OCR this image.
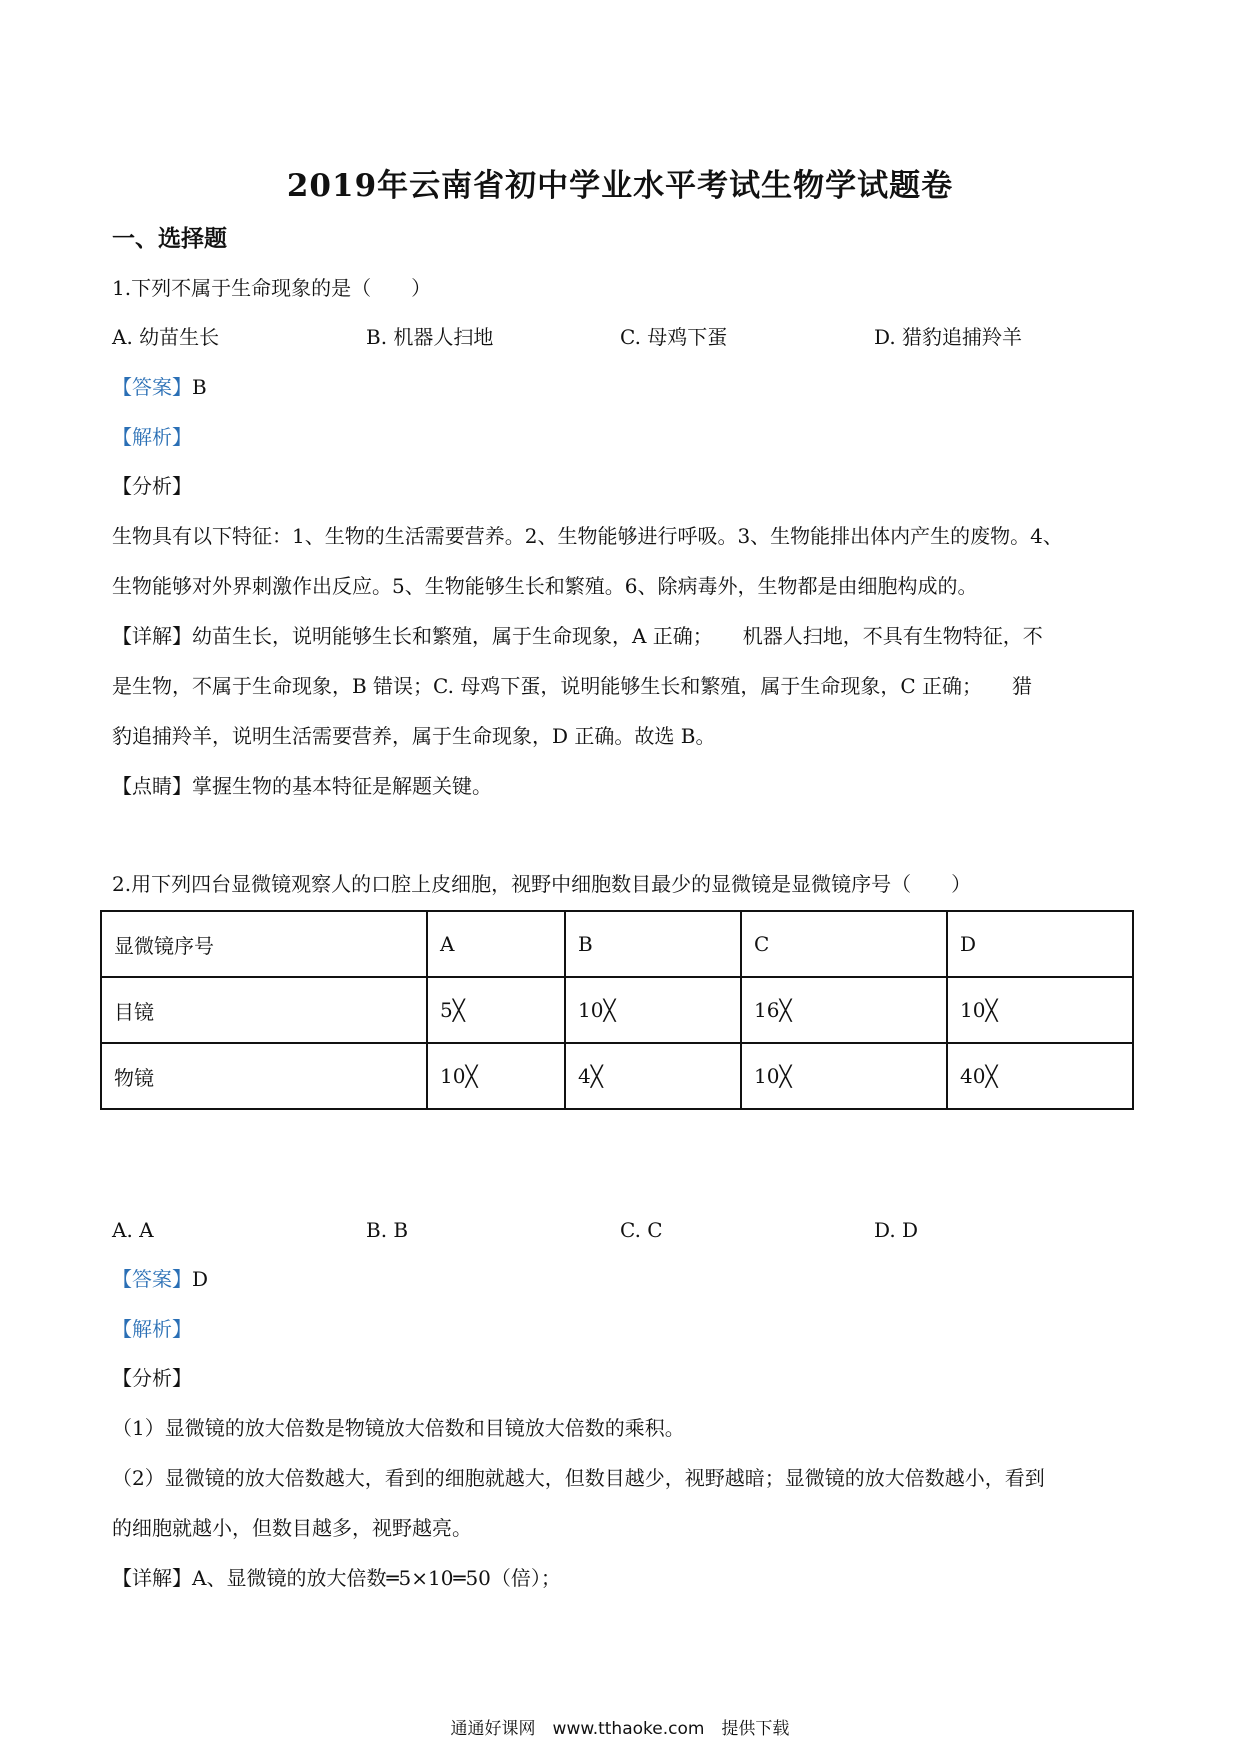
2019年云南省初中学业水平考试生物学试题卷
一、选择题
1.下列不属于生命现象的是（　　）
A. 幼苗生长	B. 机器人扫地	C. 母鸡下蛋	D. 猎豹追捕羚羊
【答案】B
【解析】
【分析】
生物具有以下特征：1、生物的生活需要营养。2、生物能够进行呼吸。3、生物能排出体内产生的废物。4、
生物能够对外界刺激作出反应。5、生物能够生长和繁殖。6、除病毒外，生物都是由细胞构成的。
【详解】幼苗生长，说明能够生长和繁殖，属于生命现象，A 正确；　　机器人扫地，不具有生物特征，不
是生物，不属于生命现象，B 错误；C. 母鸡下蛋，说明能够生长和繁殖，属于生命现象，C 正确；　　猎
豹追捕羚羊，说明生活需要营养，属于生命现象，D 正确。故选 B。
【点睛】掌握生物的基本特征是解题关键。
2.用下列四台显微镜观察人的口腔上皮细胞，视野中细胞数目最少的显微镜是显微镜序号（　　）
显微镜序号	A	B	C	D
目镜	5╳	10╳	16╳	10╳
物镜	10╳	4╳	10╳	40╳
A. A	B. B	C. C	D. D
【答案】D
【解析】
【分析】
（1）显微镜的放大倍数是物镜放大倍数和目镜放大倍数的乘积。
（2）显微镜的放大倍数越大，看到的细胞就越大，但数目越少，视野越暗；显微镜的放大倍数越小，看到
的细胞就越小，但数目越多，视野越亮。
【详解】A、显微镜的放大倍数═5×10═50（倍）；
通通好课网　www.tthaoke.com　提供下载
